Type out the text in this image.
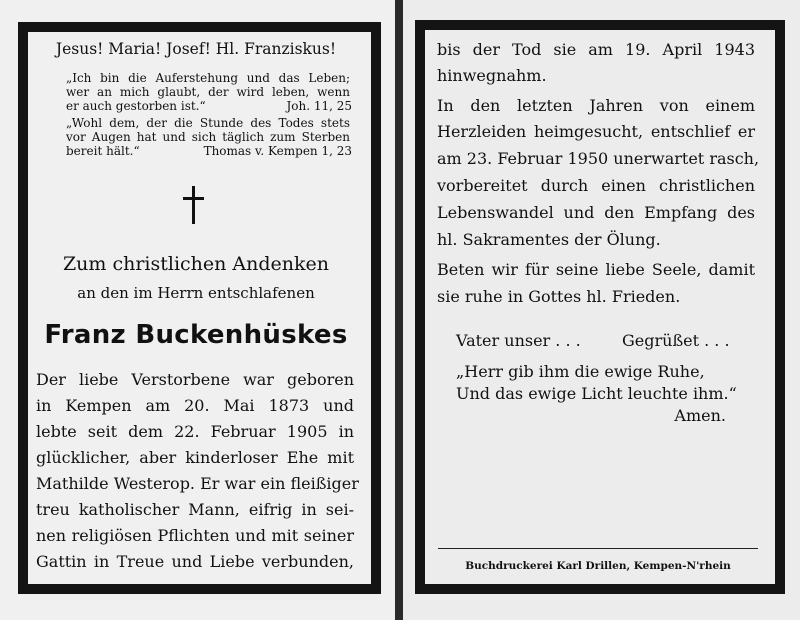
Jesus! Maria! Josef! Hl. Franziskus!
„Ich bin die Auferstehung und das Leben;
wer an mich glaubt, der wird leben, wenn
er auch gestorben ist.“	Joh. 11, 25
„Wohl dem, der die Stunde des Todes stets
vor Augen hat und sich täglich zum Sterben
bereit hält.“	Thomas v. Kempen 1, 23
Zum christlichen Andenken
an den im Herrn entschlafenen
Franz Buckenhüskes
Der liebe Verstorbene war geboren
in Kempen am 20. Mai 1873 und
lebte seit dem 22. Februar 1905 in
glücklicher, aber kinderloser Ehe mit
Mathilde Westerop. Er war ein fleißiger
treu katholischer Mann, eifrig in sei-
nen religiösen Pflichten und mit seiner
Gattin in Treue und Liebe verbunden,
bis der Tod sie am 19. April 1943
hinwegnahm.
In den letzten Jahren von einem
Herzleiden heimgesucht, entschlief er
am 23. Februar 1950 unerwartet rasch,
vorbereitet durch einen christlichen
Lebenswandel und den Empfang des
hl. Sakramentes der Ölung.
Beten wir für seine liebe Seele, damit
sie ruhe in Gottes hl. Frieden.
Vater unser . . .	Gegrüßet . . .
„Herr gib ihm die ewige Ruhe,
Und das ewige Licht leuchte ihm.“
Amen.
Buchdruckerei Karl Drillen, Kempen-N'rhein
